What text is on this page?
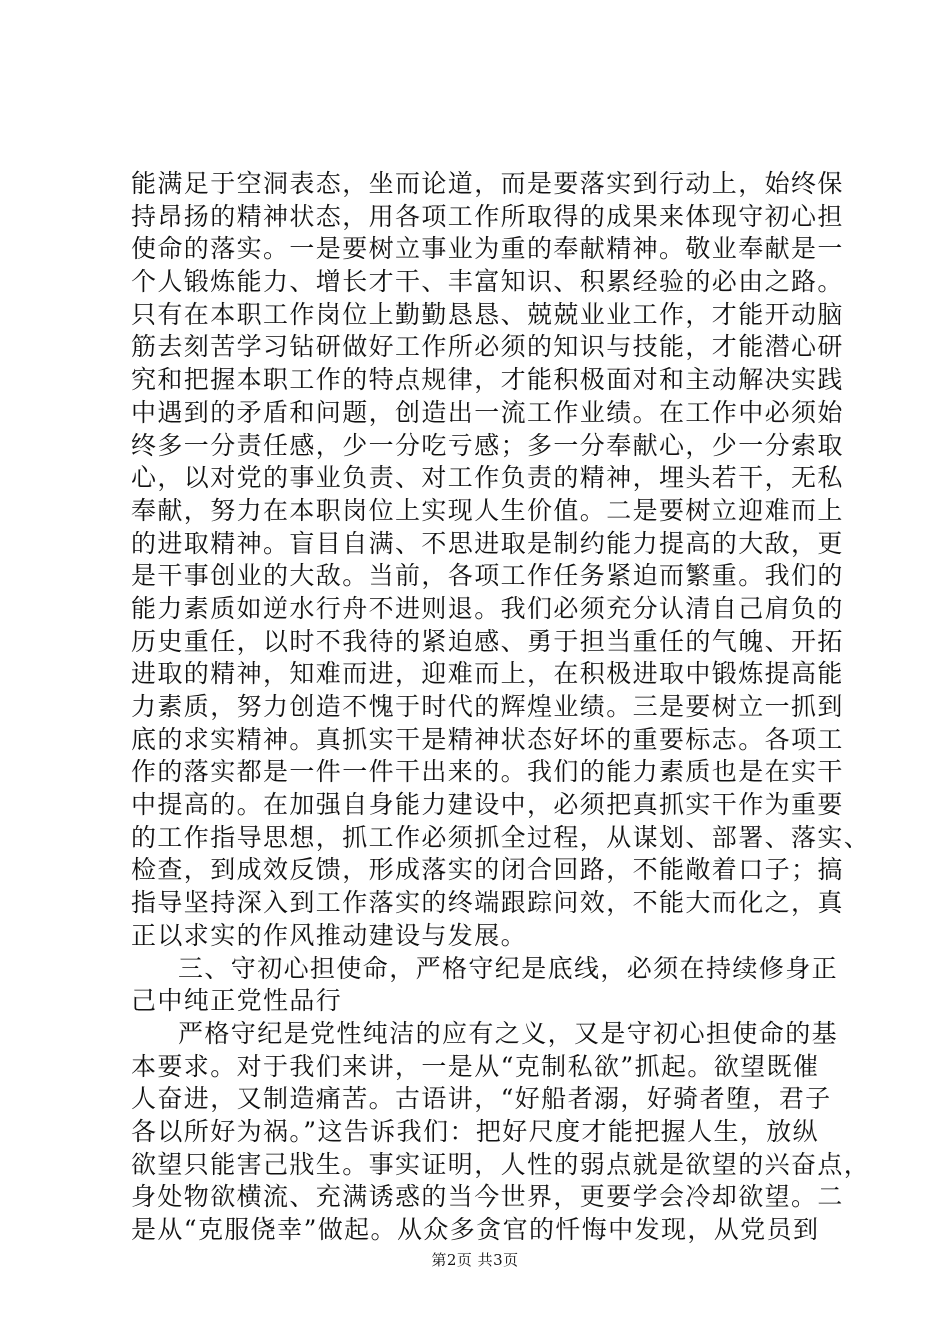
能满足于空洞表态，坐而论道，而是要落实到行动上，始终保
持昂扬的精神状态，用各项工作所取得的成果来体现守初心担
使命的落实。一是要树立事业为重的奉献精神。敬业奉献是一
个人锻炼能力、增长才干、丰富知识、积累经验的必由之路。
只有在本职工作岗位上勤勤恳恳、兢兢业业工作，才能开动脑
筋去刻苦学习钻研做好工作所必须的知识与技能，才能潜心研
究和把握本职工作的特点规律，才能积极面对和主动解决实践
中遇到的矛盾和问题，创造出一流工作业绩。在工作中必须始
终多一分责任感，少一分吃亏感；多一分奉献心，少一分索取
心，以对党的事业负责、对工作负责的精神，埋头若干，无私
奉献，努力在本职岗位上实现人生价值。二是要树立迎难而上
的进取精神。盲目自满、不思进取是制约能力提高的大敌，更
是干事创业的大敌。当前，各项工作任务紧迫而繁重。我们的
能力素质如逆水行舟不进则退。我们必须充分认清自己肩负的
历史重任，以时不我待的紧迫感、勇于担当重任的气魄、开拓
进取的精神，知难而进，迎难而上，在积极进取中锻炼提高能
力素质，努力创造不愧于时代的辉煌业绩。三是要树立一抓到
底的求实精神。真抓实干是精神状态好坏的重要标志。各项工
作的落实都是一件一件干出来的。我们的能力素质也是在实干
中提高的。在加强自身能力建设中，必须把真抓实干作为重要
的工作指导思想，抓工作必须抓全过程，从谋划、部署、落实、
检查，到成效反馈，形成落实的闭合回路，不能敞着口子；搞
指导坚持深入到工作落实的终端跟踪问效，不能大而化之，真
正以求实的作风推动建设与发展。
三、守初心担使命，严格守纪是底线，必须在持续修身正
己中纯正党性品行
严格守纪是党性纯洁的应有之义，又是守初心担使命的基
本要求。对于我们来讲，一是从“克制私欲”抓起。欲望既催
人奋进，又制造痛苦。古语讲，“好船者溺，好骑者堕，君子
各以所好为祸。”这告诉我们：把好尺度才能把握人生，放纵
欲望只能害己戕生。事实证明，人性的弱点就是欲望的兴奋点，
身处物欲横流、充满诱惑的当今世界，更要学会冷却欲望。二
是从“克服侥幸”做起。从众多贪官的忏悔中发现，从党员到
第2页 共3页
